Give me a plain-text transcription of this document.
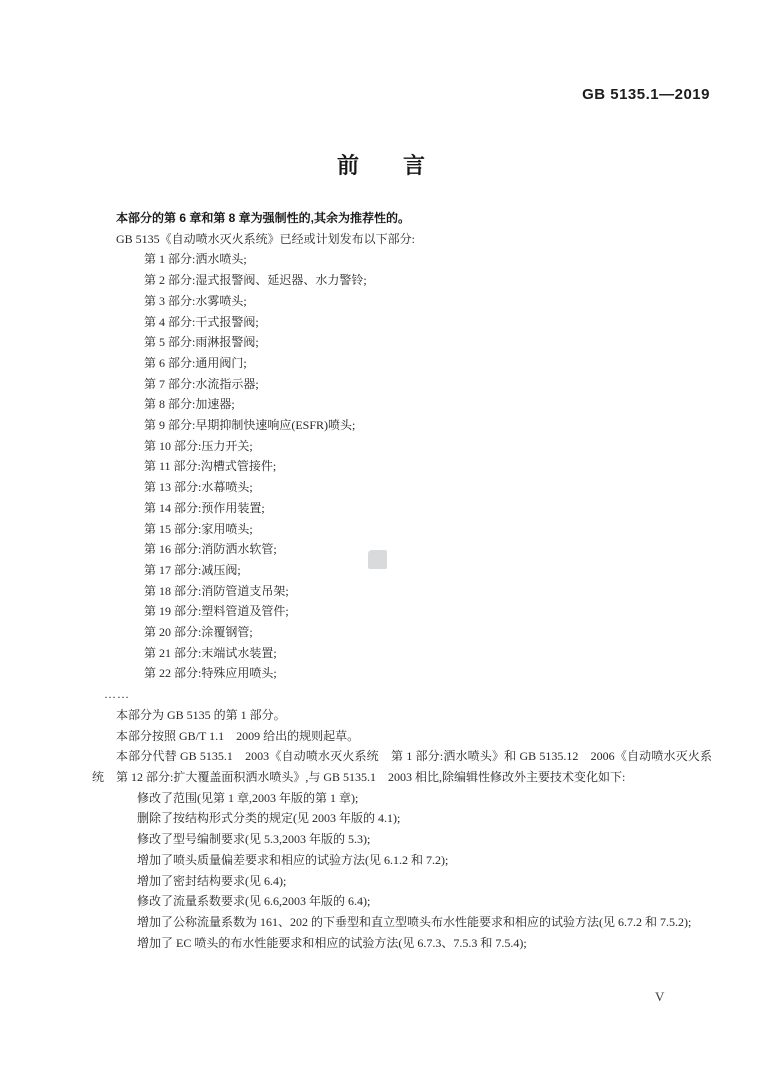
GB 5135.1—2019
前　　言

本部分的第 6 章和第 8 章为强制性的,其余为推荐性的。

GB 5135《自动喷水灭火系统》已经或计划发布以下部分:

第 1 部分:洒水喷头;
第 2 部分:湿式报警阀、延迟器、水力警铃;
第 3 部分:水雾喷头;
第 4 部分:干式报警阀;
第 5 部分:雨淋报警阀;
第 6 部分:通用阀门;
第 7 部分:水流指示器;
第 8 部分:加速器;
第 9 部分:早期抑制快速响应(ESFR)喷头;
第 10 部分:压力开关;
第 11 部分:沟槽式管接件;
第 13 部分:水幕喷头;
第 14 部分:预作用装置;
第 15 部分:家用喷头;
第 16 部分:消防洒水软管;
第 17 部分:减压阀;
第 18 部分:消防管道支吊架;
第 19 部分:塑料管道及管件;
第 20 部分:涂覆钢管;
第 21 部分:末端试水装置;
第 22 部分:特殊应用喷头;

……

本部分为 GB 5135 的第 1 部分。

本部分按照 GB/T 1.1　2009 给出的规则起草。

本部分代替 GB 5135.1　2003《自动喷水灭火系统　第 1 部分:洒水喷头》和 GB 5135.12　2006《自动喷水灭火系统　第 12 部分:扩大覆盖面积洒水喷头》,与 GB 5135.1　2003 相比,除编辑性修改外主要技术变化如下:

修改了范围(见第 1 章,2003 年版的第 1 章);
删除了按结构形式分类的规定(见 2003 年版的 4.1);
修改了型号编制要求(见 5.3,2003 年版的 5.3);
增加了喷头质量偏差要求和相应的试验方法(见 6.1.2 和 7.2);
增加了密封结构要求(见 6.4);
修改了流量系数要求(见 6.6,2003 年版的 6.4);
增加了公称流量系数为 161、202 的下垂型和直立型喷头布水性能要求和相应的试验方法(见 6.7.2 和 7.5.2);
增加了 EC 喷头的布水性能要求和相应的试验方法(见 6.7.3、7.5.3 和 7.5.4);
V
